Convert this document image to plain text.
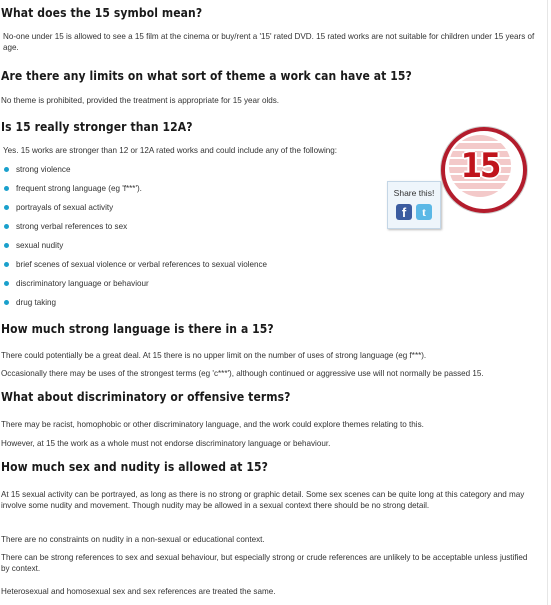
What does the 15 symbol mean?

No-one under 15 is allowed to see a 15 film at the cinema or buy/rent a '15' rated DVD. 15 rated works are not suitable for children under 15 years of age.

Are there any limits on what sort of theme a work can have at 15?

No theme is prohibited, provided the treatment is appropriate for 15 year olds.

Is 15 really stronger than 12A?

Yes. 15 works are stronger than 12 or 12A rated works and could include any of the following:

strong violence
frequent strong language (eg 'f***').
portrayals of sexual activity
strong verbal references to sex
sexual nudity
brief scenes of sexual violence or verbal references to sexual violence
discriminatory language or behaviour
drug taking
15
Share this!
f	t
How much strong language is there in a 15?

There could potentially be a great deal. At 15 there is no upper limit on the number of uses of strong language (eg f***).

Occasionally there may be uses of the strongest terms (eg 'c***'), although continued or aggressive use will not normally be passed 15.

What about discriminatory or offensive terms?

There may be racist, homophobic or other discriminatory language, and the work could explore themes relating to this.

However, at 15 the work as a whole must not endorse discriminatory language or behaviour.

How much sex and nudity is allowed at 15?

At 15 sexual activity can be portrayed, as long as there is no strong or graphic detail. Some sex scenes can be quite long at this category and may involve some nudity and movement. Though nudity may be allowed in a sexual context there should be no strong detail.

There are no constraints on nudity in a non-sexual or educational context.

There can be strong references to sex and sexual behaviour, but especially strong or crude references are unlikely to be acceptable unless justified by context.

Heterosexual and homosexual sex and sex references are treated the same.
